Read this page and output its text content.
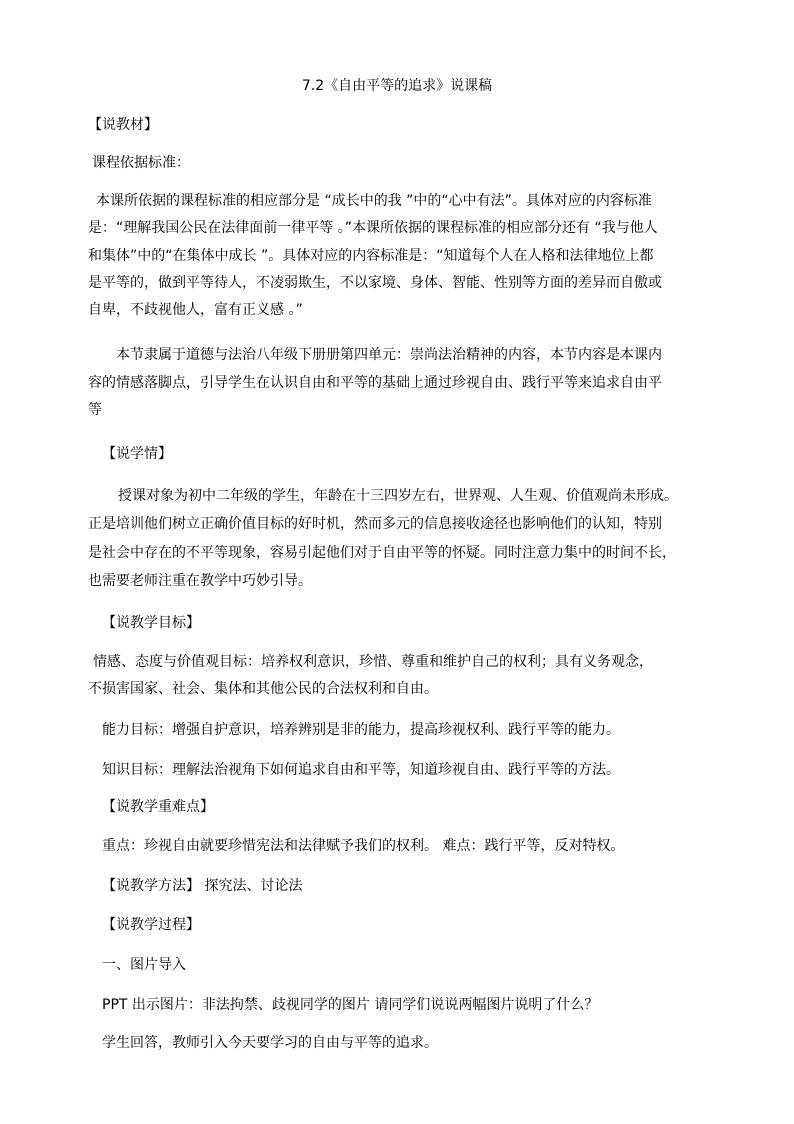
7.2《自由平等的追求》说课稿
【说教材】
课程依据标准：
本课所依据的课程标准的相应部分是 “成长中的我 ”中的“心中有法”。具体对应的内容标准
是：“理解我国公民在法律面前一律平等 。”本课所依据的课程标准的相应部分还有 “我与他人
和集体”中的“在集体中成长 ”。具体对应的内容标准是：“知道每个人在人格和法律地位上都
是平等的，做到平等待人，不凌弱欺生，不以家境、身体、智能、性别等方面的差异而自傲或
自卑，不歧视他人，富有正义感 。”
本节隶属于道德与法治八年级下册册第四单元：崇尚法治精神的内容，本节内容是本课内
容的情感落脚点，引导学生在认识自由和平等的基础上通过珍视自由、践行平等来追求自由平
等
【说学情】
授课对象为初中二年级的学生，年龄在十三四岁左右，世界观、人生观、价值观尚未形成。
正是培训他们树立正确价值目标的好时机，然而多元的信息接收途径也影响他们的认知，特别
是社会中存在的不平等现象，容易引起他们对于自由平等的怀疑。同时注意力集中的时间不长，
也需要老师注重在教学中巧妙引导。
【说教学目标】
情感、态度与价值观目标：培养权利意识，珍惜、尊重和维护自己的权利；具有义务观念，
不损害国家、社会、集体和其他公民的合法权利和自由。
能力目标：增强自护意识，培养辨别是非的能力，提高珍视权利、践行平等的能力。
知识目标：理解法治视角下如何追求自由和平等，知道珍视自由、践行平等的方法。
【说教学重难点】
重点：珍视自由就要珍惜宪法和法律赋予我们的权利。 难点：践行平等，反对特权。
【说教学方法】 探究法、讨论法
【说教学过程】
一、图片导入
PPT 出示图片：非法拘禁、歧视同学的图片 请同学们说说两幅图片说明了什么？
学生回答，教师引入今天要学习的自由与平等的追求。
